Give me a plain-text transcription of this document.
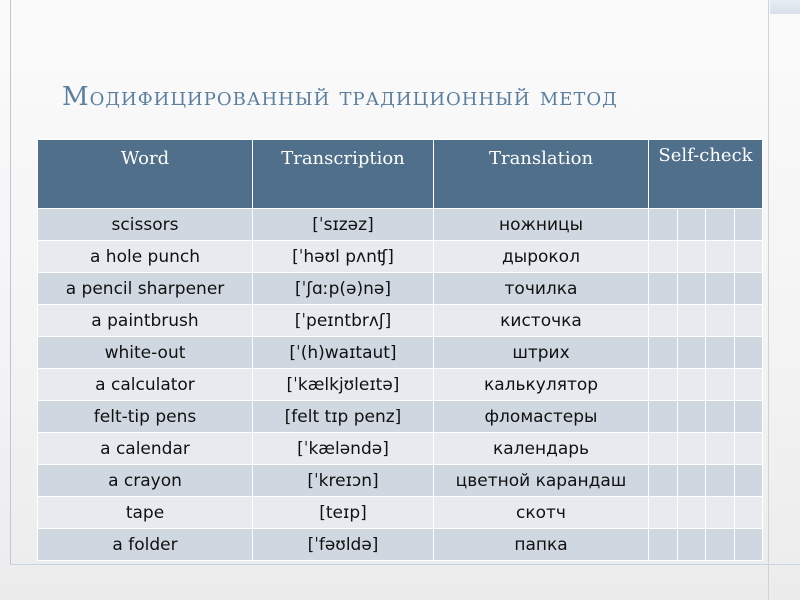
Модифицированный традиционный метод
Word	Transcription	Translation	Self-check
scissors	[ˈsɪzəz]	ножницы	

a hole punch	[ˈhəʊl pʌnʧ]	дырокол	

a pencil sharpener	[ˈʃɑːp(ə)nə]	точилка	

a paintbrush	[ˈpeɪntbrʌʃ]	кисточка	

white-out	[ˈ(h)waɪtaut]	штрих	

a calculator	[ˈkælkjʊleɪtə]	калькулятор	

felt-tip pens	[felt tɪp penz]	фломастеры	

a calendar	[ˈkæləndə]	календарь	

a crayon	[ˈkreɪɔn]	цветной карандаш	

tape	[teɪp]	скотч	

a folder	[ˈfəʊldə]	папка	
